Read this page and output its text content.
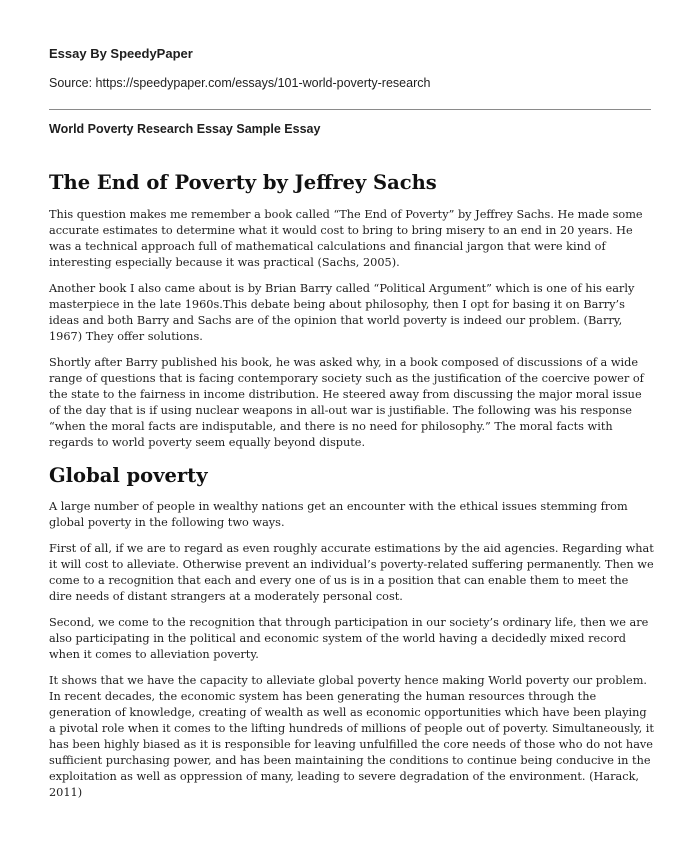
Essay By SpeedyPaper

Source: https://speedypaper.com/essays/101-world-poverty-research

World Poverty Research Essay Sample Essay

The End of Poverty by Jeffrey Sachs

This question makes me remember a book called “The End of Poverty” by Jeffrey Sachs. He made some accurate estimates to determine what it would cost to bring to bring misery to an end in 20 years. He was a technical approach full of mathematical calculations and financial jargon that were kind of interesting especially because it was practical (Sachs, 2005).

Another book I also came about is by Brian Barry called “Political Argument” which is one of his early masterpiece in the late 1960s.This debate being about philosophy, then I opt for basing it on Barry’s ideas and both Barry and Sachs are of the opinion that world poverty is indeed our problem. (Barry, 1967) They offer solutions.

Shortly after Barry published his book, he was asked why, in a book composed of discussions of a wide range of questions that is facing contemporary society such as the justification of the coercive power of the state to the fairness in income distribution. He steered away from discussing the major moral issue of the day that is if using nuclear weapons in all-out war is justifiable. The following was his response “when the moral facts are indisputable, and there is no need for philosophy.” The moral facts with regards to world poverty seem equally beyond dispute.

Global poverty

A large number of people in wealthy nations get an encounter with the ethical issues stemming from global poverty in the following two ways.

First of all, if we are to regard as even roughly accurate estimations by the aid agencies. Regarding what it will cost to alleviate. Otherwise prevent an individual’s poverty-related suffering permanently. Then we come to a recognition that each and every one of us is in a position that can enable them to meet the dire needs of distant strangers at a moderately personal cost.

Second, we come to the recognition that through participation in our society’s ordinary life, then we are also participating in the political and economic system of the world having a decidedly mixed record when it comes to alleviation poverty.

It shows that we have the capacity to alleviate global poverty hence making World poverty our problem. In recent decades, the economic system has been generating the human resources through the generation of knowledge, creating of wealth as well as economic opportunities which have been playing a pivotal role when it comes to the lifting hundreds of millions of people out of poverty. Simultaneously, it has been highly biased as it is responsible for leaving unfulfilled the core needs of those who do not have sufficient purchasing power, and has been maintaining the conditions to continue being conducive in the exploitation as well as oppression of many, leading to severe degradation of the environment. (Harack, 2011)
